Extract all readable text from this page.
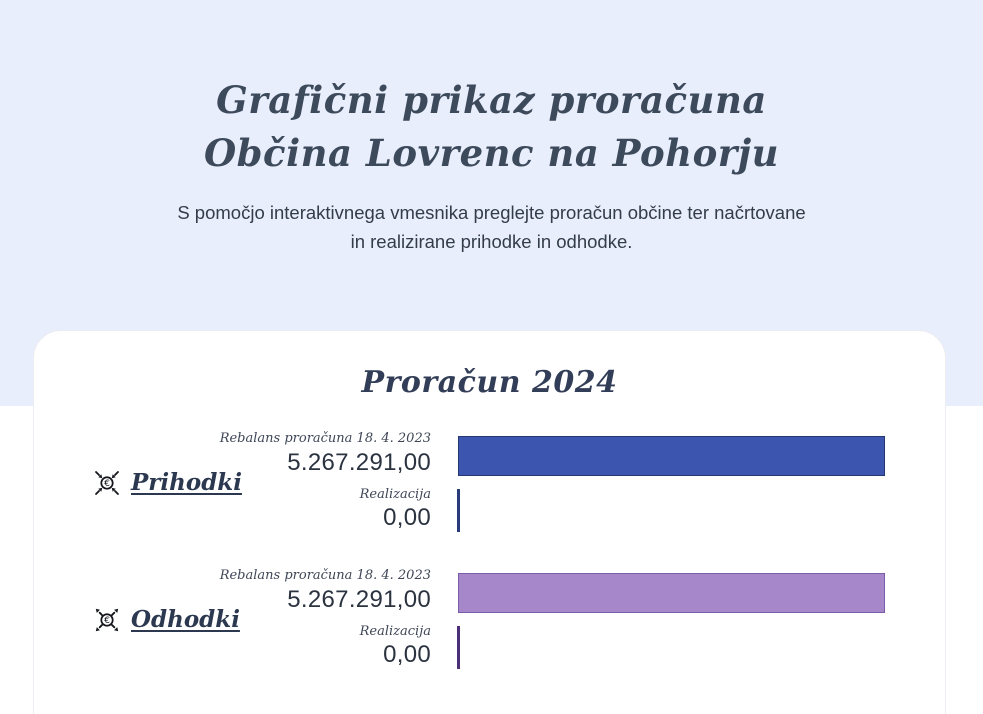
Grafični prikaz proračuna
Občina Lovrenc na Pohorju
S pomočjo interaktivnega vmesnika preglejte proračun občine ter načrtovane
in realizirane prihodke in odhodke.
Proračun 2024
€ Prihodki
Rebalans proračuna 18. 4. 2023
5.267.291,00
Realizacija
0,00
€ Odhodki
Rebalans proračuna 18. 4. 2023
5.267.291,00
Realizacija
0,00
